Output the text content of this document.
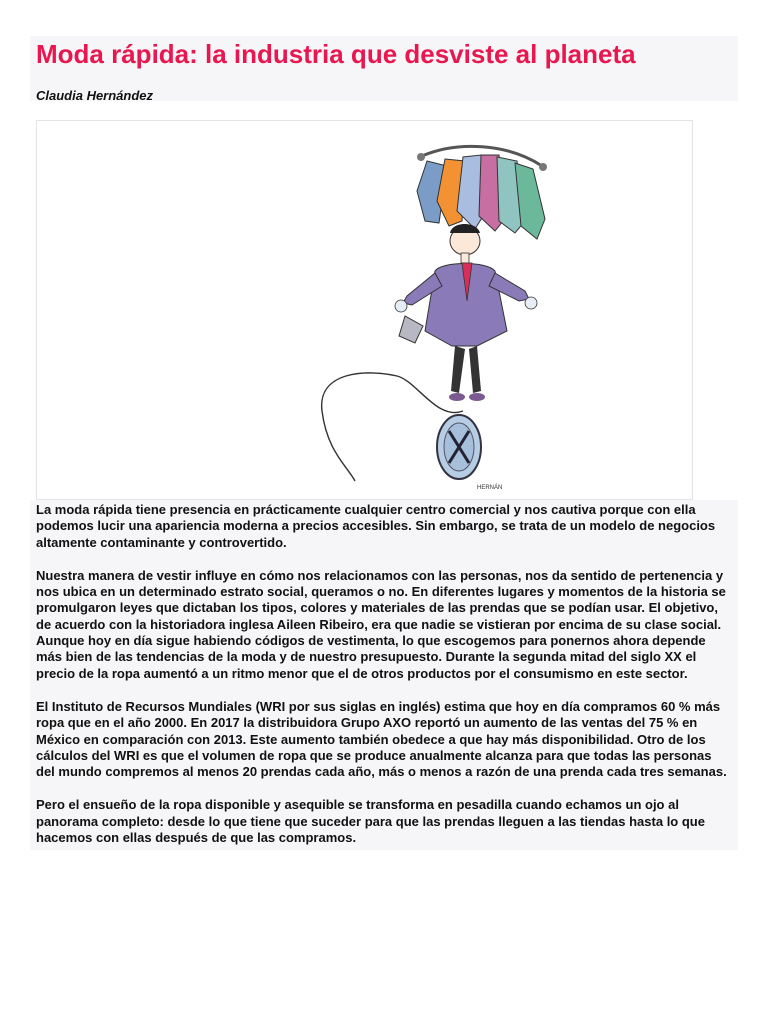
Moda rápida: la industria que desviste al planeta
Claudia Hernández
HERNÁN

La moda rápida tiene presencia en prácticamente cualquier centro comercial y nos cautiva porque con ella podemos lucir una apariencia moderna a precios accesibles. Sin embargo, se trata de un modelo de negocios altamente contaminante y controvertido.

Nuestra manera de vestir influye en cómo nos relacionamos con las personas, nos da sentido de pertenencia y nos ubica en un determinado estrato social, queramos o no. En diferentes lugares y momentos de la historia se promulgaron leyes que dictaban los tipos, colores y materiales de las prendas que se podían usar. El objetivo, de acuerdo con la historiadora inglesa Aileen Ribeiro, era que nadie se vistieran por encima de su clase social. Aunque hoy en día sigue habiendo códigos de vestimenta, lo que escogemos para ponernos ahora depende más bien de las tendencias de la moda y de nuestro presupuesto. Durante la segunda mitad del siglo XX el precio de la ropa aumentó a un ritmo menor que el de otros productos por el consumismo en este sector.

El Instituto de Recursos Mundiales (WRI por sus siglas en inglés) estima que hoy en día compramos 60 % más ropa que en el año 2000. En 2017 la distribuidora Grupo AXO reportó un aumento de las ventas del 75 % en México en comparación con 2013. Este aumento también obedece a que hay más disponibilidad. Otro de los cálculos del WRI es que el volumen de ropa que se produce anualmente alcanza para que todas las personas del mundo compremos al menos 20 prendas cada año, más o menos a razón de una prenda cada tres semanas.

Pero el ensueño de la ropa disponible y asequible se transforma en pesadilla cuando echamos un ojo al panorama completo: desde lo que tiene que suceder para que las prendas lleguen a las tiendas hasta lo que hacemos con ellas después de que las compramos.
